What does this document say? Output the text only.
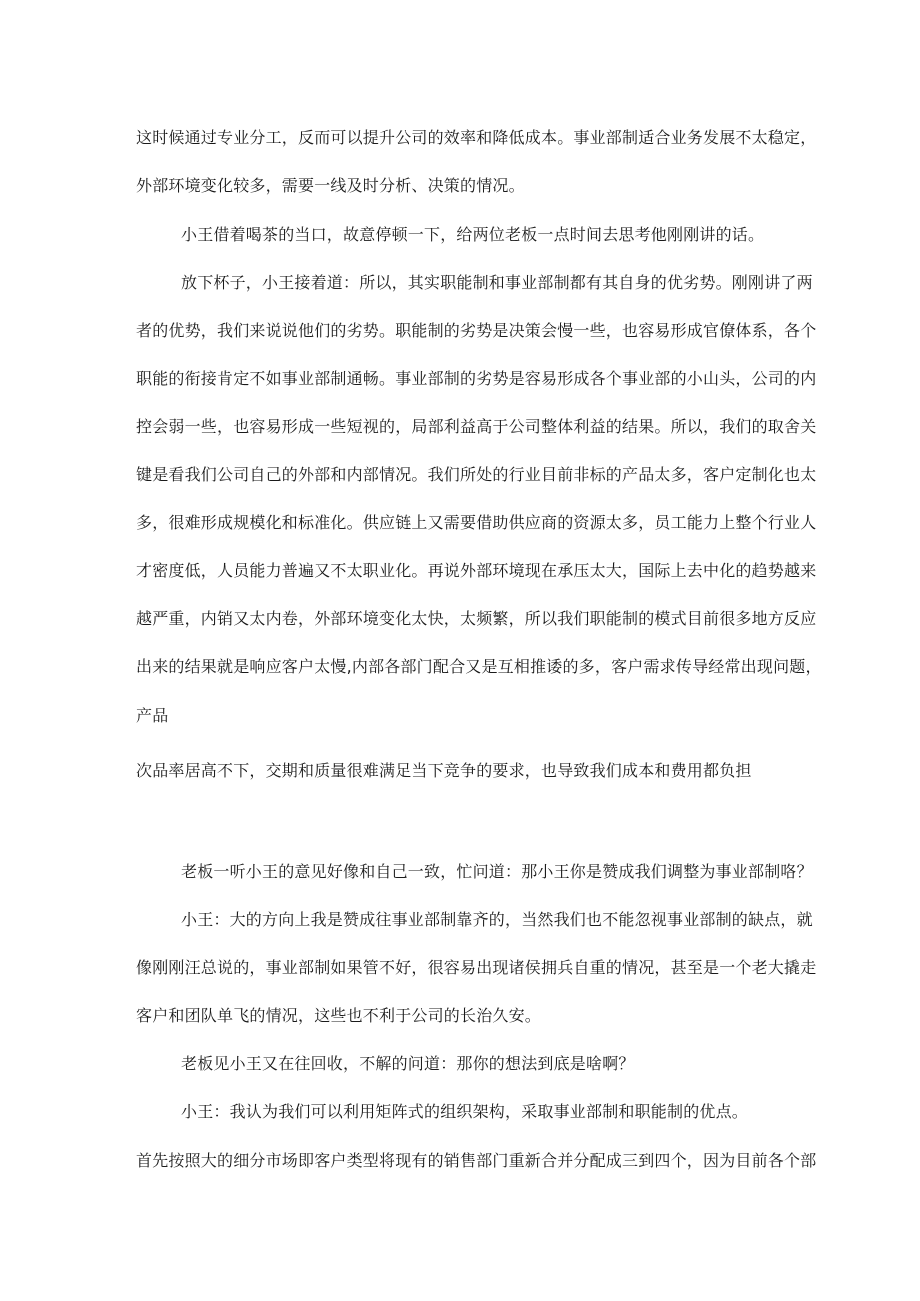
这时候通过专业分工，反而可以提升公司的效率和降低成本。事业部制适合业务发展不太稳定，
外部环境变化较多，需要一线及时分析、决策的情况。
小王借着喝茶的当口，故意停顿一下，给两位老板一点时间去思考他刚刚讲的话。
放下杯子，小王接着道：所以，其实职能制和事业部制都有其自身的优劣势。刚刚讲了两
者的优势，我们来说说他们的劣势。职能制的劣势是决策会慢一些，也容易形成官僚体系，各个
职能的衔接肯定不如事业部制通畅。事业部制的劣势是容易形成各个事业部的小山头，公司的内
控会弱一些，也容易形成一些短视的，局部利益高于公司整体利益的结果。所以，我们的取舍关
键是看我们公司自己的外部和内部情况。我们所处的行业目前非标的产品太多，客户定制化也太
多，很难形成规模化和标准化。供应链上又需要借助供应商的资源太多，员工能力上整个行业人
才密度低，人员能力普遍又不太职业化。再说外部环境现在承压太大，国际上去中化的趋势越来
越严重，内销又太内卷，外部环境变化太快，太频繁，所以我们职能制的模式目前很多地方反应
出来的结果就是响应客户太慢,内部各部门配合又是互相推诿的多，客户需求传导经常出现问题，
产品
次品率居高不下，交期和质量很难满足当下竞争的要求，也导致我们成本和费用都负担
老板一听小王的意见好像和自己一致，忙问道：那小王你是赞成我们调整为事业部制咯？
小王：大的方向上我是赞成往事业部制靠齐的，当然我们也不能忽视事业部制的缺点，就
像刚刚汪总说的，事业部制如果管不好，很容易出现诸侯拥兵自重的情况，甚至是一个老大撬走
客户和团队单飞的情况，这些也不利于公司的长治久安。
老板见小王又在往回收，不解的问道：那你的想法到底是啥啊？
小王：我认为我们可以利用矩阵式的组织架构，采取事业部制和职能制的优点。
首先按照大的细分市场即客户类型将现有的销售部门重新合并分配成三到四个，因为目前各个部
